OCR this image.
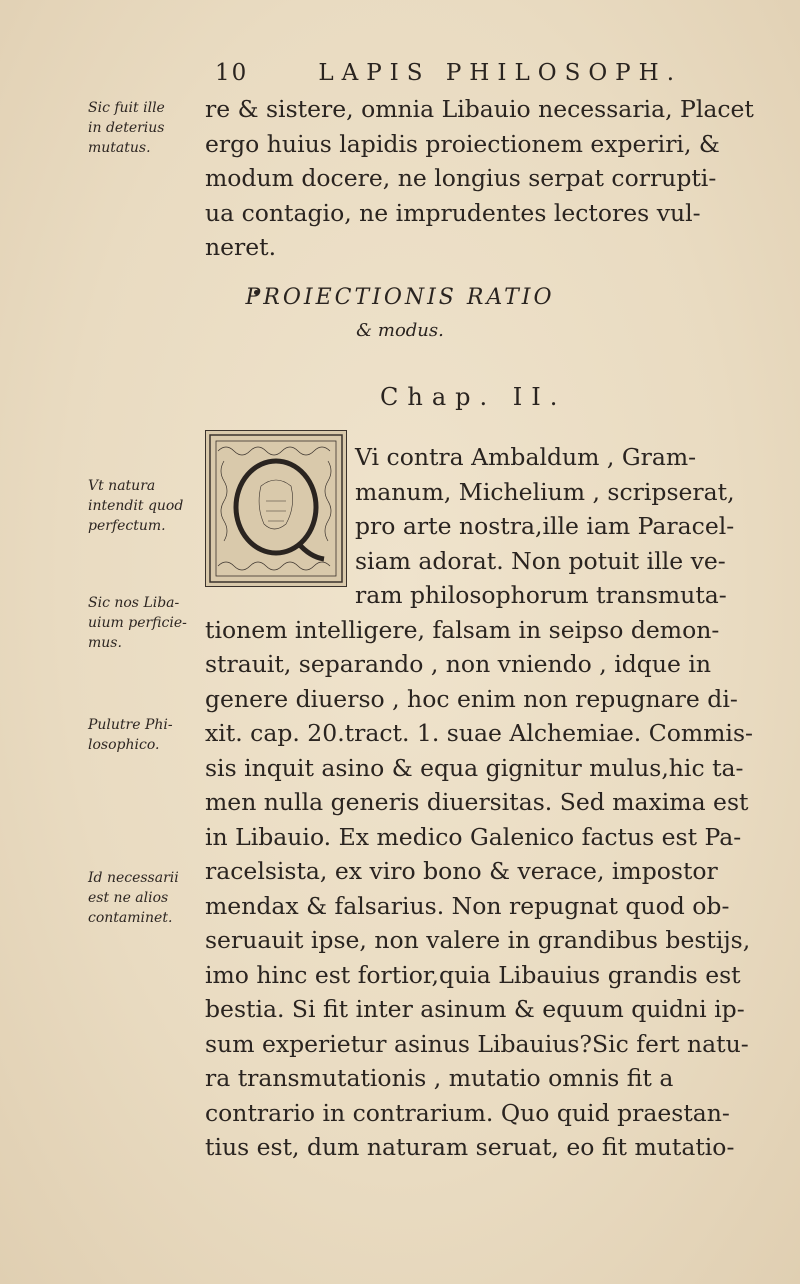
10	LAPIS PHILOSOPH.
Sic fuit ille
in deterius
mutatus.
Vt natura
intendit quod
perfectum.
Sic nos Liba-
uium perficie-
mus.
Pulutre Phi-
losophico.
Id necessarii
est ne alios
contaminet.
re & sistere, omnia Libauio necessaria, Placet
ergo huius lapidis proiectionem experiri, &
modum docere, ne longius serpat corrupti-
ua contagio, ne imprudentes lectores vul-
neret.
PROIECTIONIS RATIO
& modus.
Chap. II.
Vi contra Ambaldum , Gram-
manum, Michelium , scripserat,
pro arte nostra,ille iam Paracel-
siam adorat. Non potuit ille ve-
ram philosophorum transmuta-
tionem intelligere, falsam in seipso demon-
strauit, separando , non vniendo , idque in
genere diuerso , hoc enim non repugnare di-
xit. cap. 20.tract. 1. suae Alchemiae. Commis-
sis inquit asino & equa gignitur mulus,hic ta-
men nulla generis diuersitas. Sed maxima est
in Libauio. Ex medico Galenico factus est Pa-
racelsista, ex viro bono & verace, impostor
mendax & falsarius. Non repugnat quod ob-
seruauit ipse, non valere in grandibus bestijs,
imo hinc est fortior,quia Libauius grandis est
bestia. Si fit inter asinum & equum quidni ip-
sum experietur asinus Libauius?Sic fert natu-
ra transmutationis , mutatio omnis fit a
contrario in contrarium. Quo quid praestan-
tius est, dum naturam seruat, eo fit mutatio-
